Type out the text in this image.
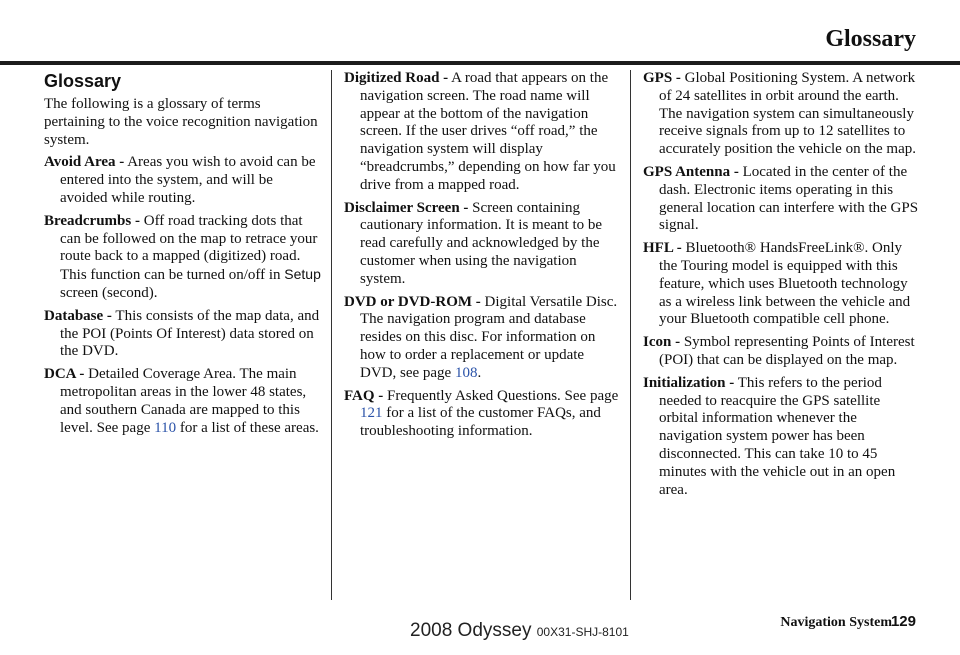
Glossary
Glossary
The following is a glossary of terms pertaining to the voice recognition navigation system.
Avoid Area - Areas you wish to avoid can be entered into the system, and will be avoided while routing.
Breadcrumbs - Off road tracking dots that can be followed on the map to retrace your route back to a mapped (digitized) road. This function can be turned on/off in Setup screen (second).
Database - This consists of the map data, and the POI (Points Of Interest) data stored on the DVD.
DCA - Detailed Coverage Area. The main metropolitan areas in the lower 48 states, and southern Canada are mapped to this level. See page 110 for a list of these areas.
Digitized Road - A road that appears on the navigation screen. The road name will appear at the bottom of the navigation screen. If the user drives “off road,” the navigation system will display “breadcrumbs,” depending on how far you drive from a mapped road.
Disclaimer Screen - Screen containing cautionary information. It is meant to be read carefully and acknowledged by the customer when using the navigation system.
DVD or DVD-ROM - Digital Versatile Disc. The navigation program and database resides on this disc. For information on how to order a replacement or update DVD, see page 108.
FAQ - Frequently Asked Questions. See page 121 for a list of the customer FAQs, and troubleshooting information.
GPS - Global Positioning System. A network of 24 satellites in orbit around the earth. The navigation system can simultaneously receive signals from up to 12 satellites to accurately position the vehicle on the map.
GPS Antenna - Located in the center of the dash. Electronic items operating in this general location can interfere with the GPS signal.
HFL - Bluetooth® HandsFreeLink®. Only the Touring model is equipped with this feature, which uses Bluetooth technology as a wireless link between the vehicle and your Bluetooth compatible cell phone.
Icon - Symbol representing Points of Interest (POI) that can be displayed on the map.
Initialization - This refers to the period needed to reacquire the GPS satellite orbital information whenever the navigation system power has been disconnected. This can take 10 to 45 minutes with the vehicle out in an open area.
Navigation System
129
2008 Odyssey 00X31-SHJ-8101
